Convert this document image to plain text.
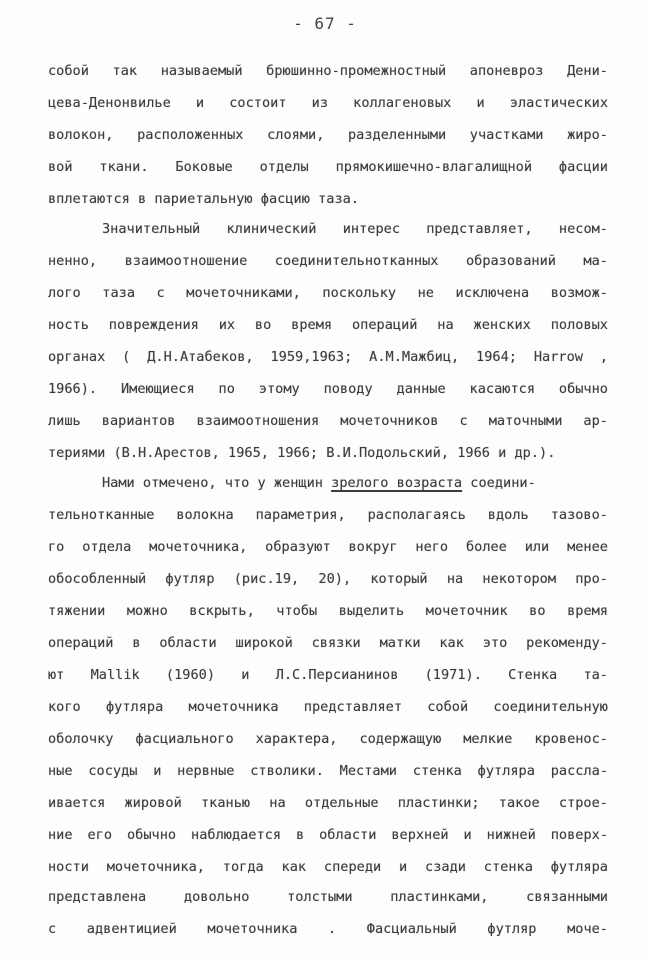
- 67 -
собой так называемый брюшинно-промежностный апоневроз Дени-
цева-Денонвилье и состоит из коллагеновых и эластических
волокон, расположенных слоями, разделенными участками жиро-
вой ткани. Боковые отделы прямокишечно-влагалищной фасции
вплетаются в париетальную фасцию таза.
Значительный клинический интерес представляет, несом-
ненно, взаимоотношение соединительнотканных образований ма-
лого таза с мочеточниками, поскольку не исключена возмож-
ность повреждения их во время операций на женских половых
органах ( Д.Н.Атабеков, 1959,1963; А.М.Мажбиц, 1964; Harrow ,
1966). Имеющиеся по этому поводу данные касаются обычно
лишь вариантов взаимоотношения мочеточников с маточными ар-
териями (В.Н.Арестов, 1965, 1966; В.И.Подольский, 1966 и др.).
Нами отмечено, что у женщин зрелого возраста соедини-
тельнотканные волокна параметрия, располагаясь вдоль тазово-
го отдела мочеточника, образуют вокруг него более или менее
обособленный футляр (рис.19, 20), который на некотором про-
тяжении можно вскрыть, чтобы выделить мочеточник во время
операций в области широкой связки матки как это рекоменду-
ют Mallik (1960) и Л.С.Персианинов (1971). Стенка та-
кого футляра мочеточника представляет собой соединительную
оболочку фасциального характера, содержащую мелкие кровенос-
ные сосуды и нервные стволики. Местами стенка футляра рассла-
ивается жировой тканью на отдельные пластинки; такое строе-
ние его обычно наблюдается в области верхней и нижней поверх-
ности мочеточника, тогда как спереди и сзади стенка футляра
представлена довольно толстыми пластинками, связанными
с адвентицией мочеточника . Фасциальный футляр моче-
